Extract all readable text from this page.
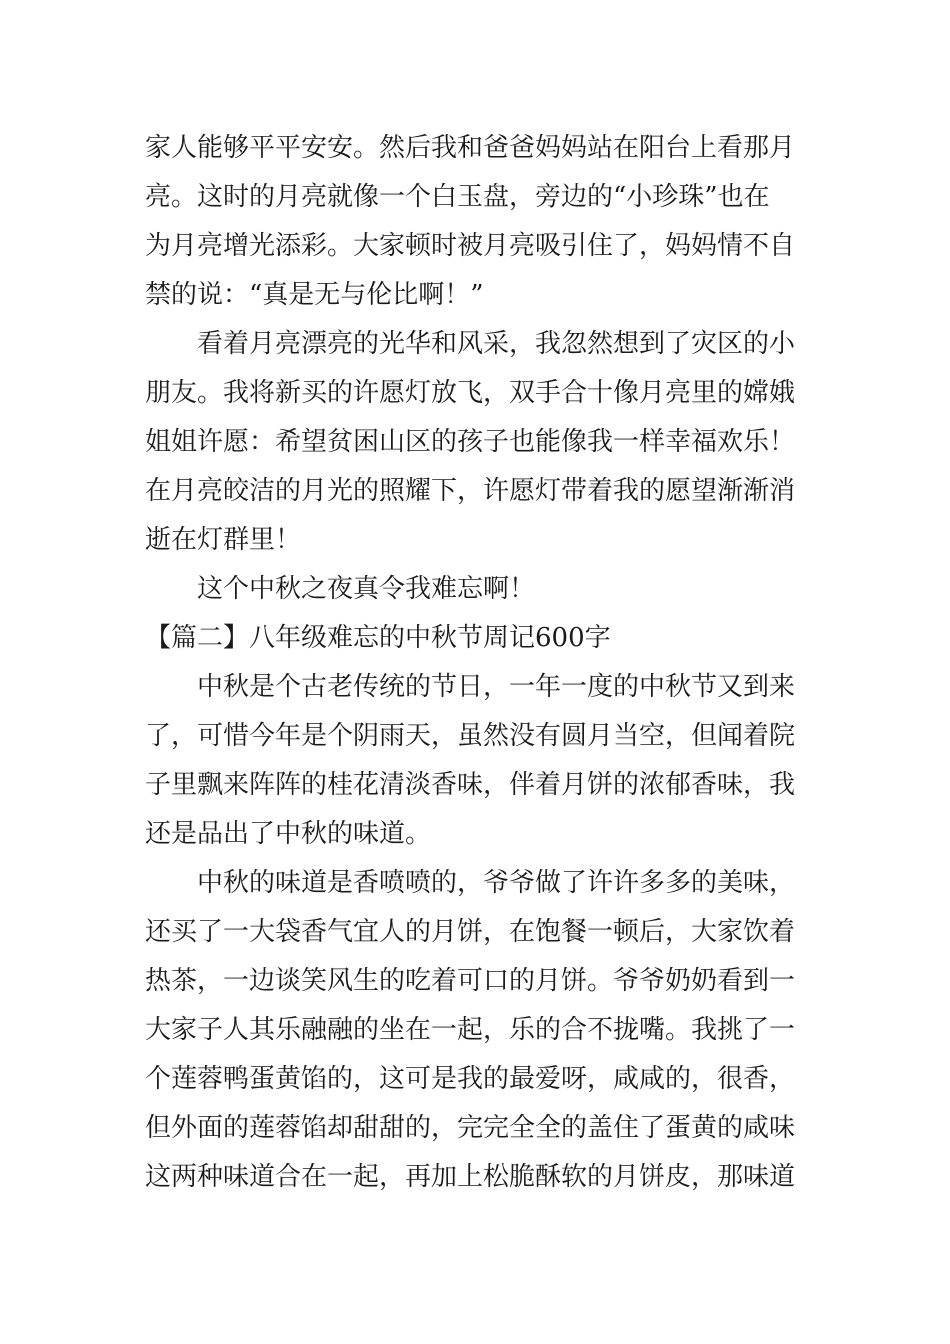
家人能够平平安安。然后我和爸爸妈妈站在阳台上看那月
亮。这时的月亮就像一个白玉盘，旁边的“小珍珠”也在
为月亮增光添彩。大家顿时被月亮吸引住了，妈妈情不自
禁的说：“真是无与伦比啊！”
看着月亮漂亮的光华和风采，我忽然想到了灾区的小
朋友。我将新买的许愿灯放飞，双手合十像月亮里的嫦娥
姐姐许愿：希望贫困山区的孩子也能像我一样幸福欢乐！
在月亮皎洁的月光的照耀下，许愿灯带着我的愿望渐渐消
逝在灯群里！
这个中秋之夜真令我难忘啊！
【篇二】八年级难忘的中秋节周记600字
中秋是个古老传统的节日，一年一度的中秋节又到来
了，可惜今年是个阴雨天，虽然没有圆月当空，但闻着院
子里飘来阵阵的桂花清淡香味，伴着月饼的浓郁香味，我
还是品出了中秋的味道。
中秋的味道是香喷喷的，爷爷做了许许多多的美味，
还买了一大袋香气宜人的月饼，在饱餐一顿后，大家饮着
热茶，一边谈笑风生的吃着可口的月饼。爷爷奶奶看到一
大家子人其乐融融的坐在一起，乐的合不拢嘴。我挑了一
个莲蓉鸭蛋黄馅的，这可是我的最爱呀，咸咸的，很香，
但外面的莲蓉馅却甜甜的，完完全全的盖住了蛋黄的咸味
这两种味道合在一起，再加上松脆酥软的月饼皮，那味道
